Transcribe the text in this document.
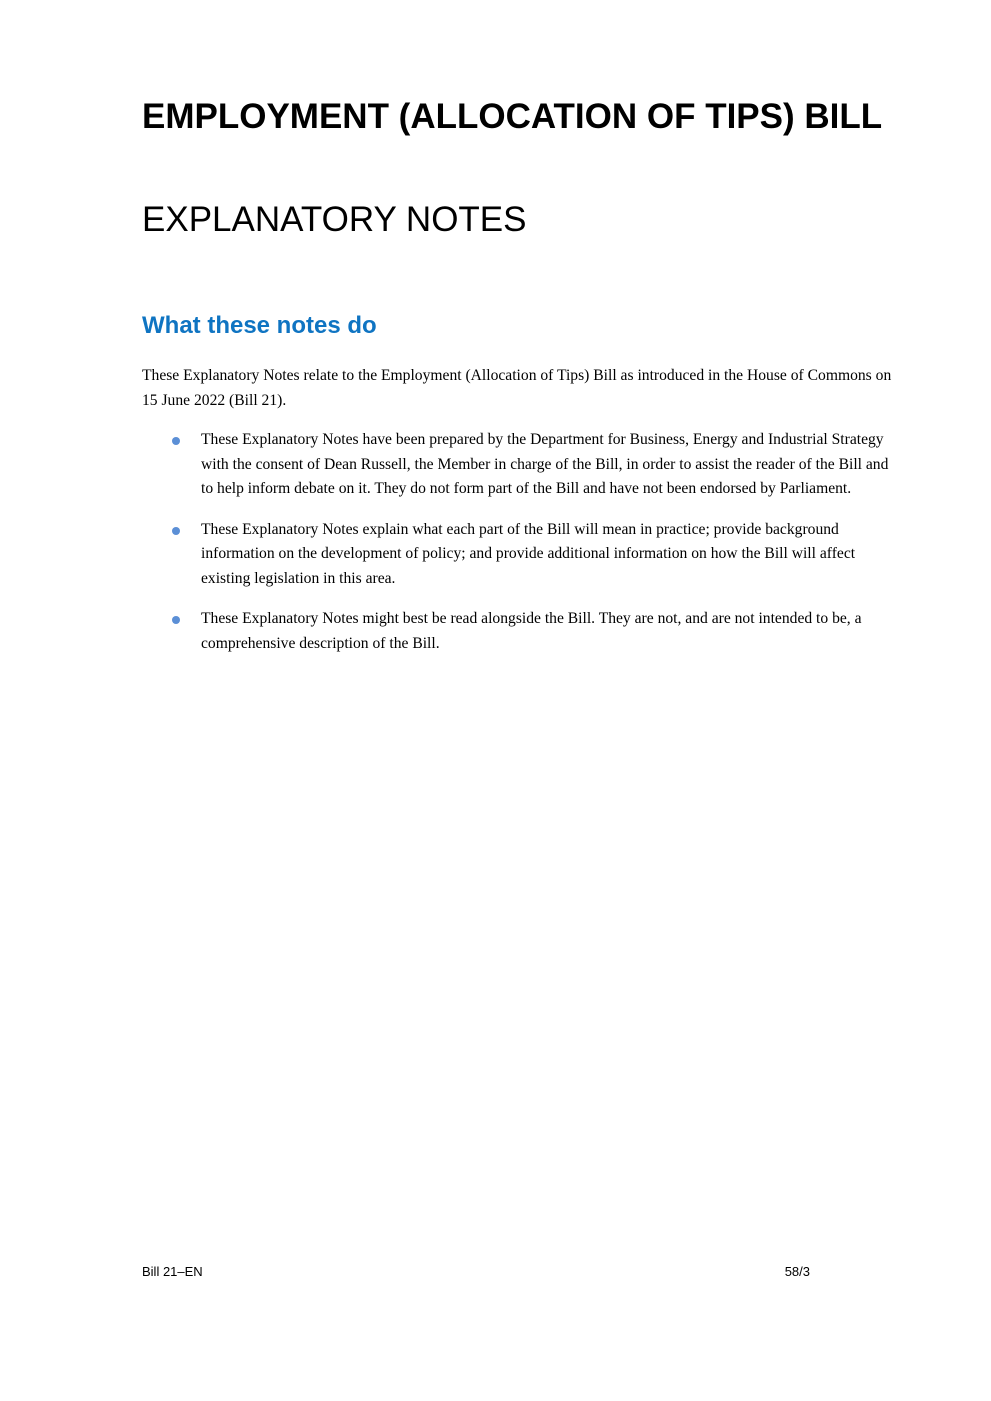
EMPLOYMENT (ALLOCATION OF TIPS) BILL
EXPLANATORY NOTES
What these notes do

These Explanatory Notes relate to the Employment (Allocation of Tips) Bill as introduced in the House of Commons on 15 June 2022 (Bill 21).

These Explanatory Notes have been prepared by the Department for Business, Energy and Industrial Strategy with the consent of Dean Russell, the Member in charge of the Bill, in order to assist the reader of the Bill and to help inform debate on it. They do not form part of the Bill and have not been endorsed by Parliament.
These Explanatory Notes explain what each part of the Bill will mean in practice; provide background information on the development of policy; and provide additional information on how the Bill will affect existing legislation in this area.
These Explanatory Notes might best be read alongside the Bill. They are not, and are not intended to be, a comprehensive description of the Bill.
Bill 21–EN	58/3
